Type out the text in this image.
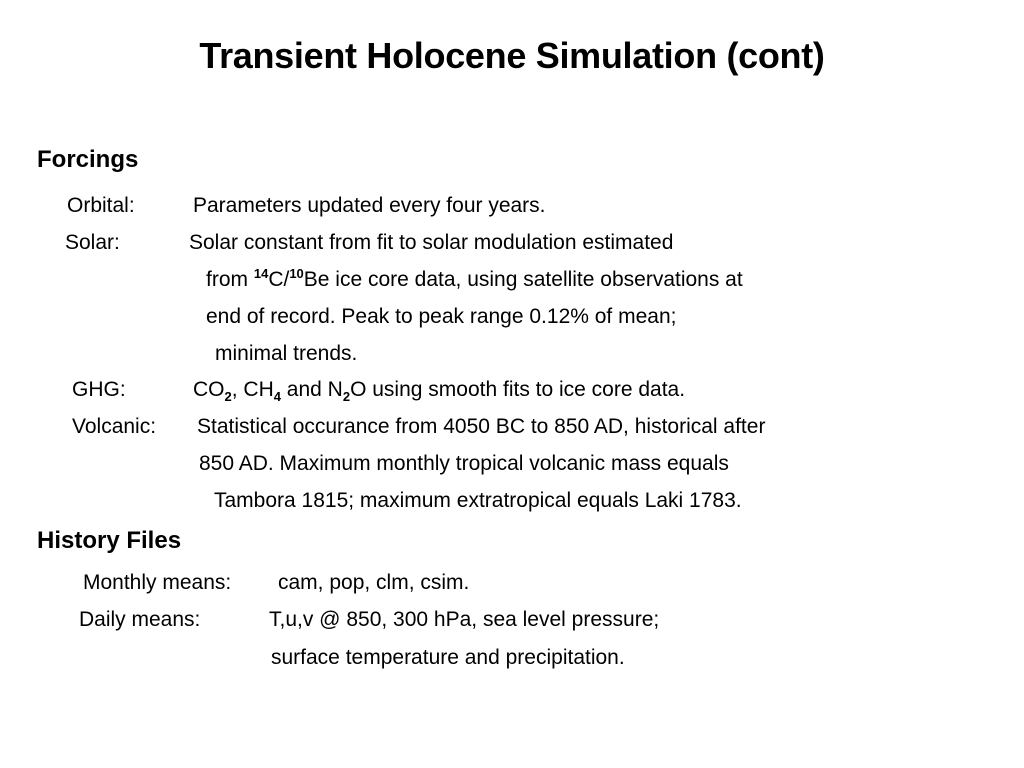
Transient Holocene Simulation (cont)
Forcings
Orbital:	Parameters updated every four years.
Solar:	Solar constant from fit to solar modulation estimated
from $^{14}$C/$^{10}$Be ice core data, using satellite observations at
end of record. Peak to peak range 0.12% of mean;
minimal trends.
GHG:	$CO_2$, $CH_4$ and $N_2O$ using smooth fits to ice core data.
Volcanic: Statistical occurance from 4050 BC to 850 AD, historical after
850 AD. Maximum monthly tropical volcanic mass equals
Tambora 1815; maximum extratropical equals Laki 1783.
History Files
Monthly means: cam, pop, clm, csim.
Daily means:	T,u,v @ 850, 300 hPa, sea level pressure;
surface temperature and precipitation.
